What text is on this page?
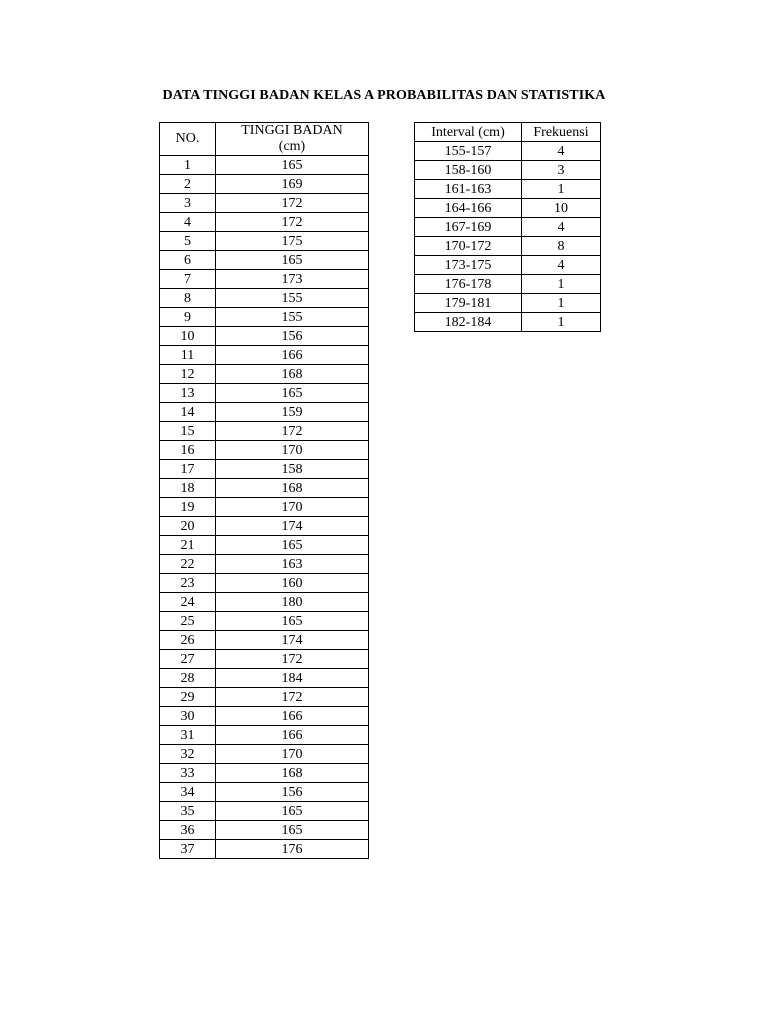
DATA TINGGI BADAN KELAS A PROBABILITAS DAN STATISTIKA
NO.	TINGGI BADAN
(cm)

1	165
2	169
3	172
4	172
5	175
6	165
7	173
8	155
9	155
10	156
11	166
12	168
13	165
14	159
15	172
16	170
17	158
18	168
19	170
20	174
21	165
22	163
23	160
24	180
25	165
26	174
27	172
28	184
29	172
30	166
31	166
32	170
33	168
34	156
35	165
36	165
37	176
Interval (cm)	Frekuensi
155-157	4
158-160	3
161-163	1
164-166	10
167-169	4
170-172	8
173-175	4
176-178	1
179-181	1
182-184	1
